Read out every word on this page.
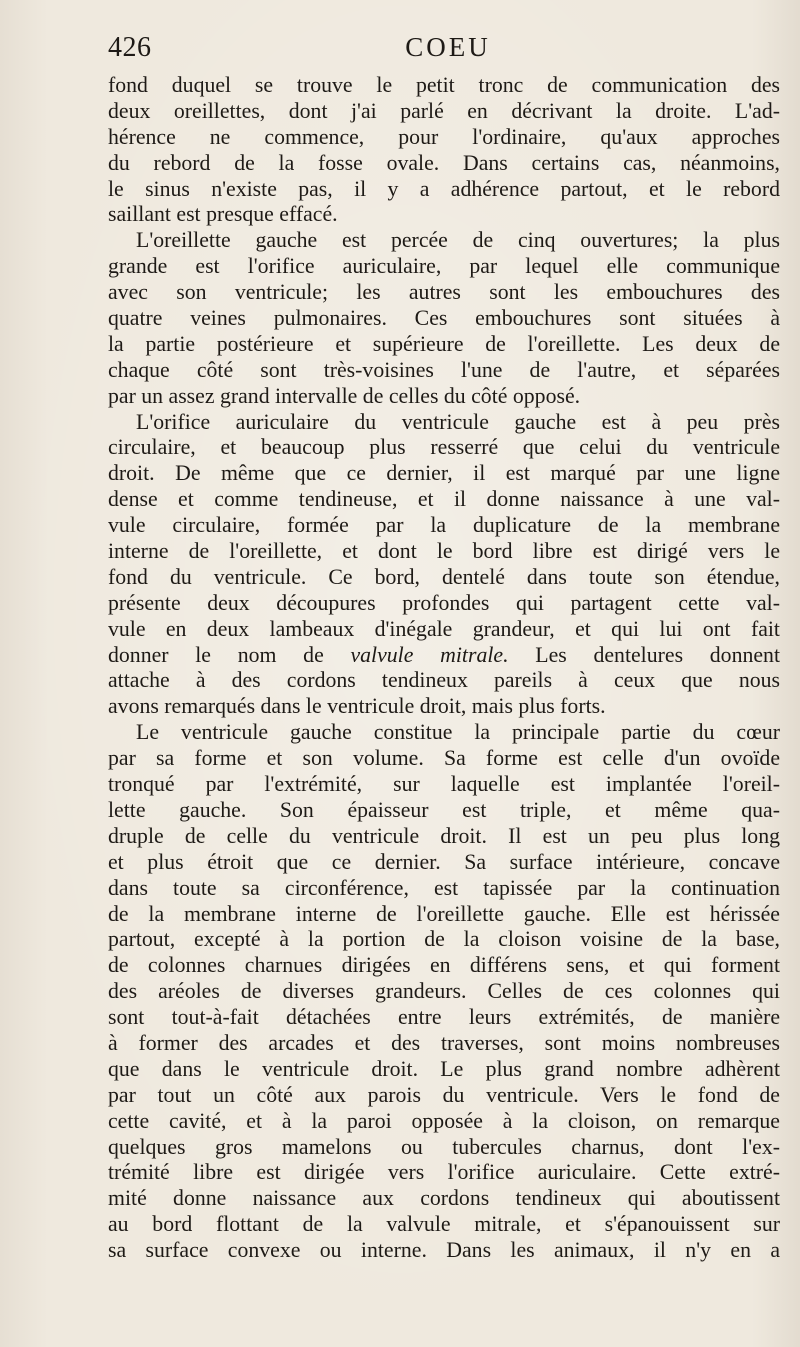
426	COEU
fond duquel se trouve le petit tronc de communication des
deux oreillettes, dont j'ai parlé en décrivant la droite. L'ad-
hérence ne commence, pour l'ordinaire, qu'aux approches
du rebord de la fosse ovale. Dans certains cas, néanmoins,
le sinus n'existe pas, il y a adhérence partout, et le rebord
saillant est presque effacé.
L'oreillette gauche est percée de cinq ouvertures; la plus
grande est l'orifice auriculaire, par lequel elle communique
avec son ventricule; les autres sont les embouchures des
quatre veines pulmonaires. Ces embouchures sont situées à
la partie postérieure et supérieure de l'oreillette. Les deux de
chaque côté sont très-voisines l'une de l'autre, et séparées
par un assez grand intervalle de celles du côté opposé.
L'orifice auriculaire du ventricule gauche est à peu près
circulaire, et beaucoup plus resserré que celui du ventricule
droit. De même que ce dernier, il est marqué par une ligne
dense et comme tendineuse, et il donne naissance à une val-
vule circulaire, formée par la duplicature de la membrane
interne de l'oreillette, et dont le bord libre est dirigé vers le
fond du ventricule. Ce bord, dentelé dans toute son étendue,
présente deux découpures profondes qui partagent cette val-
vule en deux lambeaux d'inégale grandeur, et qui lui ont fait
donner le nom de valvule mitrale. Les dentelures donnent
attache à des cordons tendineux pareils à ceux que nous
avons remarqués dans le ventricule droit, mais plus forts.
Le ventricule gauche constitue la principale partie du cœur
par sa forme et son volume. Sa forme est celle d'un ovoïde
tronqué par l'extrémité, sur laquelle est implantée l'oreil-
lette gauche. Son épaisseur est triple, et même qua-
druple de celle du ventricule droit. Il est un peu plus long
et plus étroit que ce dernier. Sa surface intérieure, concave
dans toute sa circonférence, est tapissée par la continuation
de la membrane interne de l'oreillette gauche. Elle est hérissée
partout, excepté à la portion de la cloison voisine de la base,
de colonnes charnues dirigées en différens sens, et qui forment
des aréoles de diverses grandeurs. Celles de ces colonnes qui
sont tout-à-fait détachées entre leurs extrémités, de manière
à former des arcades et des traverses, sont moins nombreuses
que dans le ventricule droit. Le plus grand nombre adhèrent
par tout un côté aux parois du ventricule. Vers le fond de
cette cavité, et à la paroi opposée à la cloison, on remarque
quelques gros mamelons ou tubercules charnus, dont l'ex-
trémité libre est dirigée vers l'orifice auriculaire. Cette extré-
mité donne naissance aux cordons tendineux qui aboutissent
au bord flottant de la valvule mitrale, et s'épanouissent sur
sa surface convexe ou interne. Dans les animaux, il n'y en a
